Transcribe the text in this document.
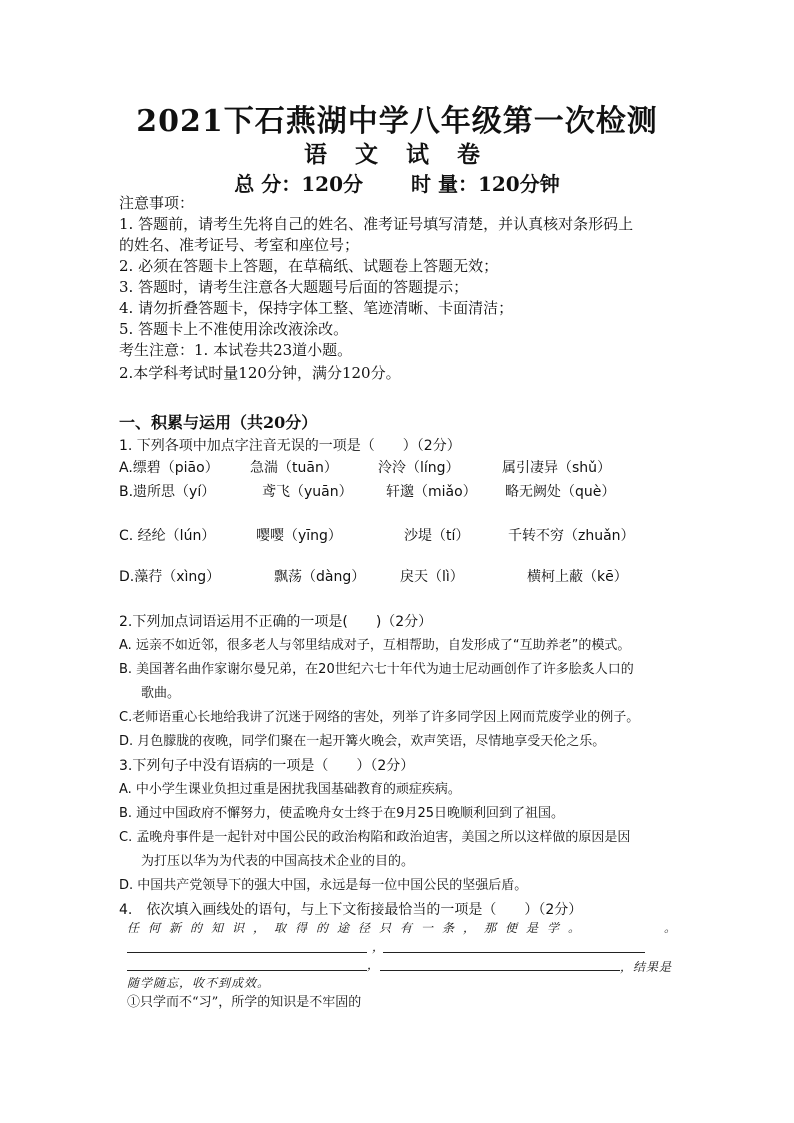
2021下石燕湖中学八年级第一次检测
语 文 试 卷
总 分：120分 时 量：120分钟
注意事项：
1. 答题前，请考生先将自己的姓名、准考证号填写清楚，并认真核对条形码上
的姓名、准考证号、考室和座位号；
2. 必须在答题卡上答题，在草稿纸、试题卷上答题无效；
3. 答题时，请考生注意各大题题号后面的答题提示；
4. 请勿折叠答题卡，保持字体工整、笔迹清晰、卡面清洁；
5. 答题卡上不准使用涂改液涂改。
考生注意：1. 本试卷共23道小题。
2.本学科考试时量120分钟，满分120分。
一、积累与运用（共20分）
1. 下列各项中加点字注音无误的一项是（　　）（2分）
A.缥碧（piāo） 急湍（tuān）	泠泠（líng）	属引凄异（shǔ）
B.遗所思（yí）	鸢飞（yuān） 轩邈（miǎo） 略无阙处（què）
C. 经纶（lún）	嘤嘤（yīng）	沙堤（tí）	千转不穷（zhuǎn）
D.藻荇（xìng）	飘荡（dàng） 戾天（lì）	横柯上蔽（kē）
2.下列加点词语运用不正确的一项是(　　)（2分）
A. 远亲不如近邻，很多老人与邻里结成对子，互相帮助，自发形成了“互助养老”的模式。
B. 美国著名曲作家谢尔曼兄弟，在20世纪六七十年代为迪士尼动画创作了许多脍炙人口的
歌曲。
C.老师语重心长地给我讲了沉迷于网络的害处，列举了许多同学因上网而荒废学业的例子。
D. 月色朦胧的夜晚，同学们聚在一起开篝火晚会，欢声笑语，尽情地享受天伦之乐。
3.下列句子中没有语病的一项是（　　）（2分）
A. 中小学生课业负担过重是困扰我国基础教育的顽症疾病。
B. 通过中国政府不懈努力，使孟晚舟女士终于在9月25日晚顺利回到了祖国。
C. 孟晚舟事件是一起针对中国公民的政治构陷和政治迫害，美国之所以这样做的原因是因
为打压以华为为代表的中国高技术企业的目的。
D. 中国共产党领导下的强大中国，永远是每一位中国公民的坚强后盾。
4.　依次填入画线处的语句，与上下文衔接最恰当的一项是（　　）（2分）
任何新的知识，取得的途径只有一条，那便是学。	。
，
，	，结果是
随学随忘，收不到成效。
①只学而不“习”，所学的知识是不牢固的
